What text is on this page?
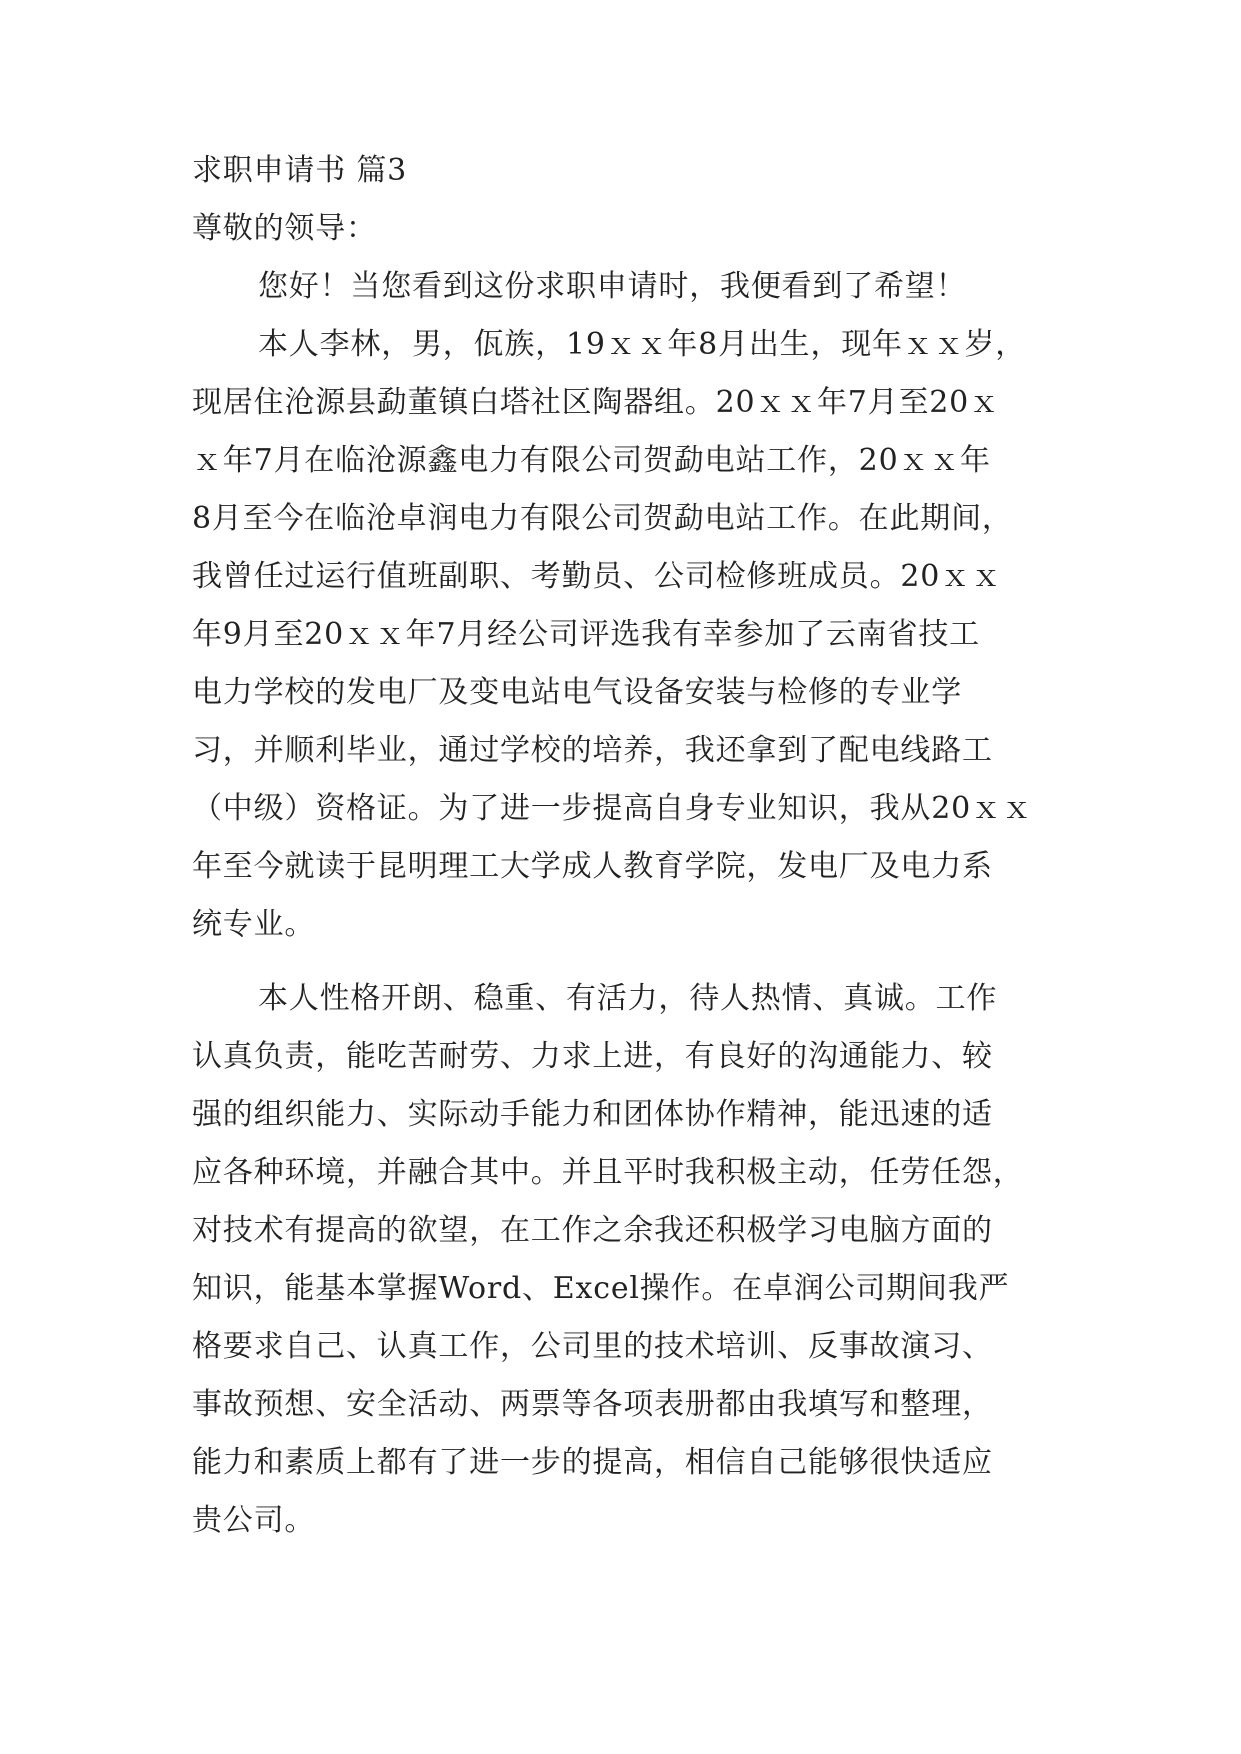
求职申请书 篇3
尊敬的领导：
您好！当您看到这份求职申请时，我便看到了希望！
本人李林，男，佤族，19ｘｘ年8月出生，现年ｘｘ岁，
现居住沧源县勐董镇白塔社区陶器组。20ｘｘ年7月至20ｘ
ｘ年7月在临沧源鑫电力有限公司贺勐电站工作，20ｘｘ年
8月至今在临沧卓润电力有限公司贺勐电站工作。在此期间，
我曾任过运行值班副职、考勤员、公司检修班成员。20ｘｘ
年9月至20ｘｘ年7月经公司评选我有幸参加了云南省技工
电力学校的发电厂及变电站电气设备安装与检修的专业学
习，并顺利毕业，通过学校的培养，我还拿到了配电线路工
（中级）资格证。为了进一步提高自身专业知识，我从20ｘｘ
年至今就读于昆明理工大学成人教育学院，发电厂及电力系
统专业。
本人性格开朗、稳重、有活力，待人热情、真诚。工作
认真负责，能吃苦耐劳、力求上进，有良好的沟通能力、较
强的组织能力、实际动手能力和团体协作精神，能迅速的适
应各种环境，并融合其中。并且平时我积极主动，任劳任怨，
对技术有提高的欲望，在工作之余我还积极学习电脑方面的
知识，能基本掌握Word、Excel操作。在卓润公司期间我严
格要求自己、认真工作，公司里的技术培训、反事故演习、
事故预想、安全活动、两票等各项表册都由我填写和整理，
能力和素质上都有了进一步的提高，相信自己能够很快适应
贵公司。
